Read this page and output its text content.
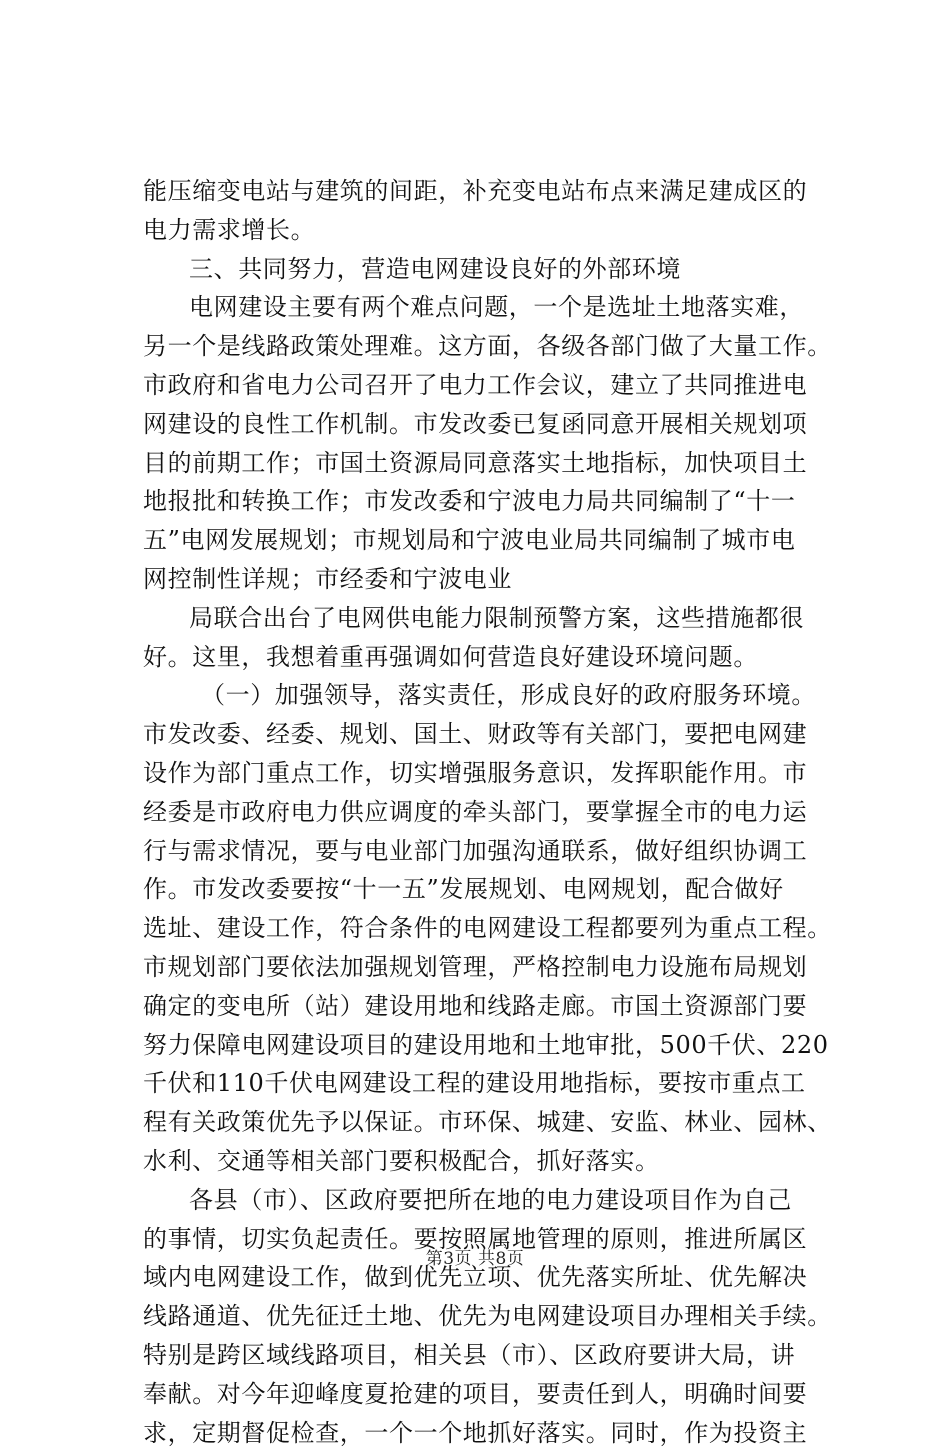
能压缩变电站与建筑的间距，补充变电站布点来满足建成区的
电力需求增长。
三、共同努力，营造电网建设良好的外部环境
电网建设主要有两个难点问题，一个是选址土地落实难，
另一个是线路政策处理难。这方面，各级各部门做了大量工作。
市政府和省电力公司召开了电力工作会议，建立了共同推进电
网建设的良性工作机制。市发改委已复函同意开展相关规划项
目的前期工作；市国土资源局同意落实土地指标，加快项目土
地报批和转换工作；市发改委和宁波电力局共同编制了“十一
五”电网发展规划；市规划局和宁波电业局共同编制了城市电
网控制性详规；市经委和宁波电业
局联合出台了电网供电能力限制预警方案，这些措施都很
好。这里，我想着重再强调如何营造良好建设环境问题。
（一）加强领导，落实责任，形成良好的政府服务环境。
市发改委、经委、规划、国土、财政等有关部门，要把电网建
设作为部门重点工作，切实增强服务意识，发挥职能作用。市
经委是市政府电力供应调度的牵头部门，要掌握全市的电力运
行与需求情况，要与电业部门加强沟通联系，做好组织协调工
作。市发改委要按“十一五”发展规划、电网规划，配合做好
选址、建设工作，符合条件的电网建设工程都要列为重点工程。
市规划部门要依法加强规划管理，严格控制电力设施布局规划
确定的变电所（站）建设用地和线路走廊。市国土资源部门要
努力保障电网建设项目的建设用地和土地审批，500千伏、220
千伏和110千伏电网建设工程的建设用地指标，要按市重点工
程有关政策优先予以保证。市环保、城建、安监、林业、园林、
水利、交通等相关部门要积极配合，抓好落实。
各县（市）、区政府要把所在地的电力建设项目作为自己
的事情，切实负起责任。要按照属地管理的原则，推进所属区
域内电网建设工作，做到优先立项、优先落实所址、优先解决
线路通道、优先征迁土地、优先为电网建设项目办理相关手续。
特别是跨区域线路项目，相关县（市）、区政府要讲大局，讲
奉献。对今年迎峰度夏抢建的项目，要责任到人，明确时间要
求，定期督促检查，一个一个地抓好落实。同时，作为投资主
第3页 共8页
